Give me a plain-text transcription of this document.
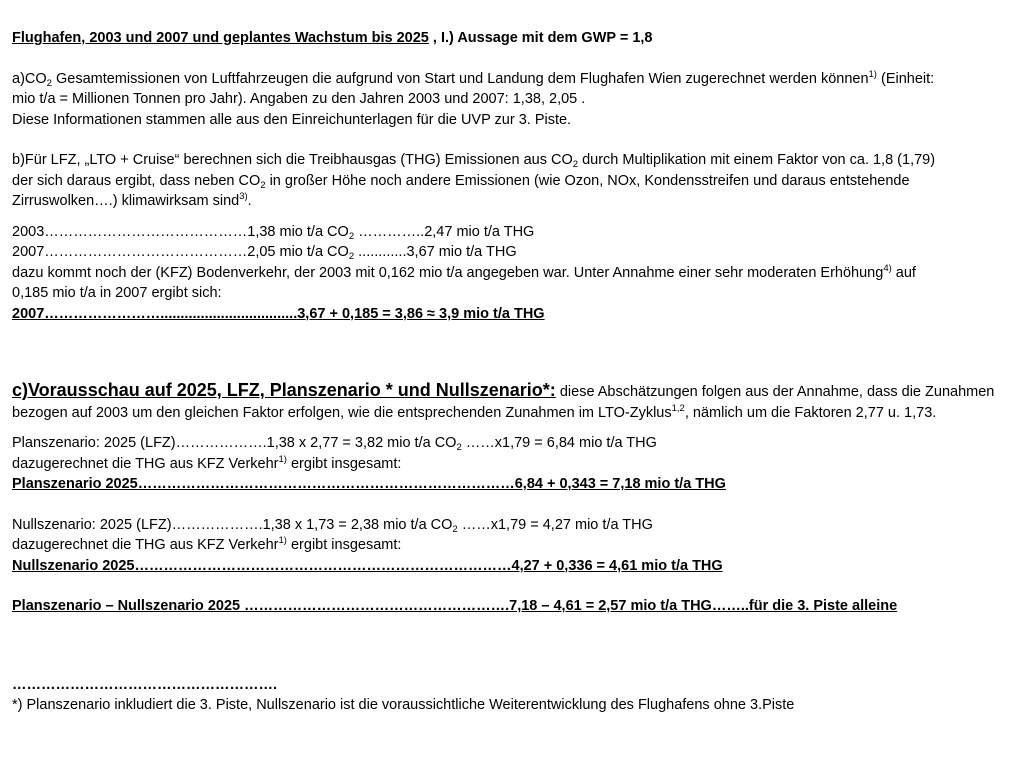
Flughafen, 2003 und 2007 und geplantes Wachstum bis 2025 , I.) Aussage mit dem GWP = 1,8
$a)CO_2$ Gesamtemissionen von Luftfahrzeugen die aufgrund von Start und Landung dem Flughafen Wien zugerechnet werden können$^{1)}$ (Einheit:
mio t/a = Millionen Tonnen pro Jahr). Angaben zu den Jahren 2003 und 2007: 1,38, 2,05 .
Diese Informationen stammen alle aus den Einreichunterlagen für die UVP zur 3. Piste.
b)Für LFZ, „LTO + Cruise“ berechnen sich die Treibhausgas (THG) Emissionen aus $CO_2$ durch Multiplikation mit einem Faktor von ca. 1,8 (1,79)
der sich daraus ergibt, dass neben $CO_2$ in großer Höhe noch andere Emissionen (wie Ozon, NOx, Kondensstreifen und daraus entstehende
Zirruswolken….) klimawirksam sind$^{3)}$.
2003……………………………………1,38 mio t/a $CO_2$ …………..2,47 mio t/a THG
2007……………………………………2,05 mio t/a $CO_2$ ............3,67 mio t/a THG
dazu kommt noch der (KFZ) Bodenverkehr, der 2003 mit 0,162 mio t/a angegeben war. Unter Annahme einer sehr moderaten Erhöhung$^{4)}$ auf
0,185 mio t/a in 2007 ergibt sich:
2007……………………..................................3,67 + 0,185 = 3,86 ≈ 3,9 mio t/a THG
c)Vorausschau auf 2025, LFZ, Planszenario * und Nullszenario*: diese Abschätzungen folgen aus der Annahme, dass die Zunahmen
bezogen auf 2003 um den gleichen Faktor erfolgen, wie die entsprechenden Zunahmen im LTO-Zyklus$^{1,2}$, nämlich um die Faktoren 2,77 u. 1,73.
Planszenario: 2025 (LFZ)……………….1,38 x 2,77 = 3,82 mio t/a $CO_2$ ……x1,79 = 6,84 mio t/a THG
dazugerechnet die THG aus KFZ Verkehr$^{1)}$ ergibt insgesamt:
Planszenario 2025……………………………………………………………………6,84 + 0,343 = 7,18 mio t/a THG
Nullszenario: 2025 (LFZ)……………….1,38 x 1,73 = 2,38 mio t/a $CO_2$ ……x1,79 = 4,27 mio t/a THG
dazugerechnet die THG aus KFZ Verkehr$^{1)}$ ergibt insgesamt:
Nullszenario 2025……………………………………………………………………4,27 + 0,336 = 4,61 mio t/a THG
Planszenario – Nullszenario 2025 ……………………………………………….7,18 – 4,61 = 2,57 mio t/a THG……..für die 3. Piste alleine
……………………………………………….
*) Planszenario inkludiert die 3. Piste, Nullszenario ist die voraussichtliche Weiterentwicklung des Flughafens ohne 3.Piste
